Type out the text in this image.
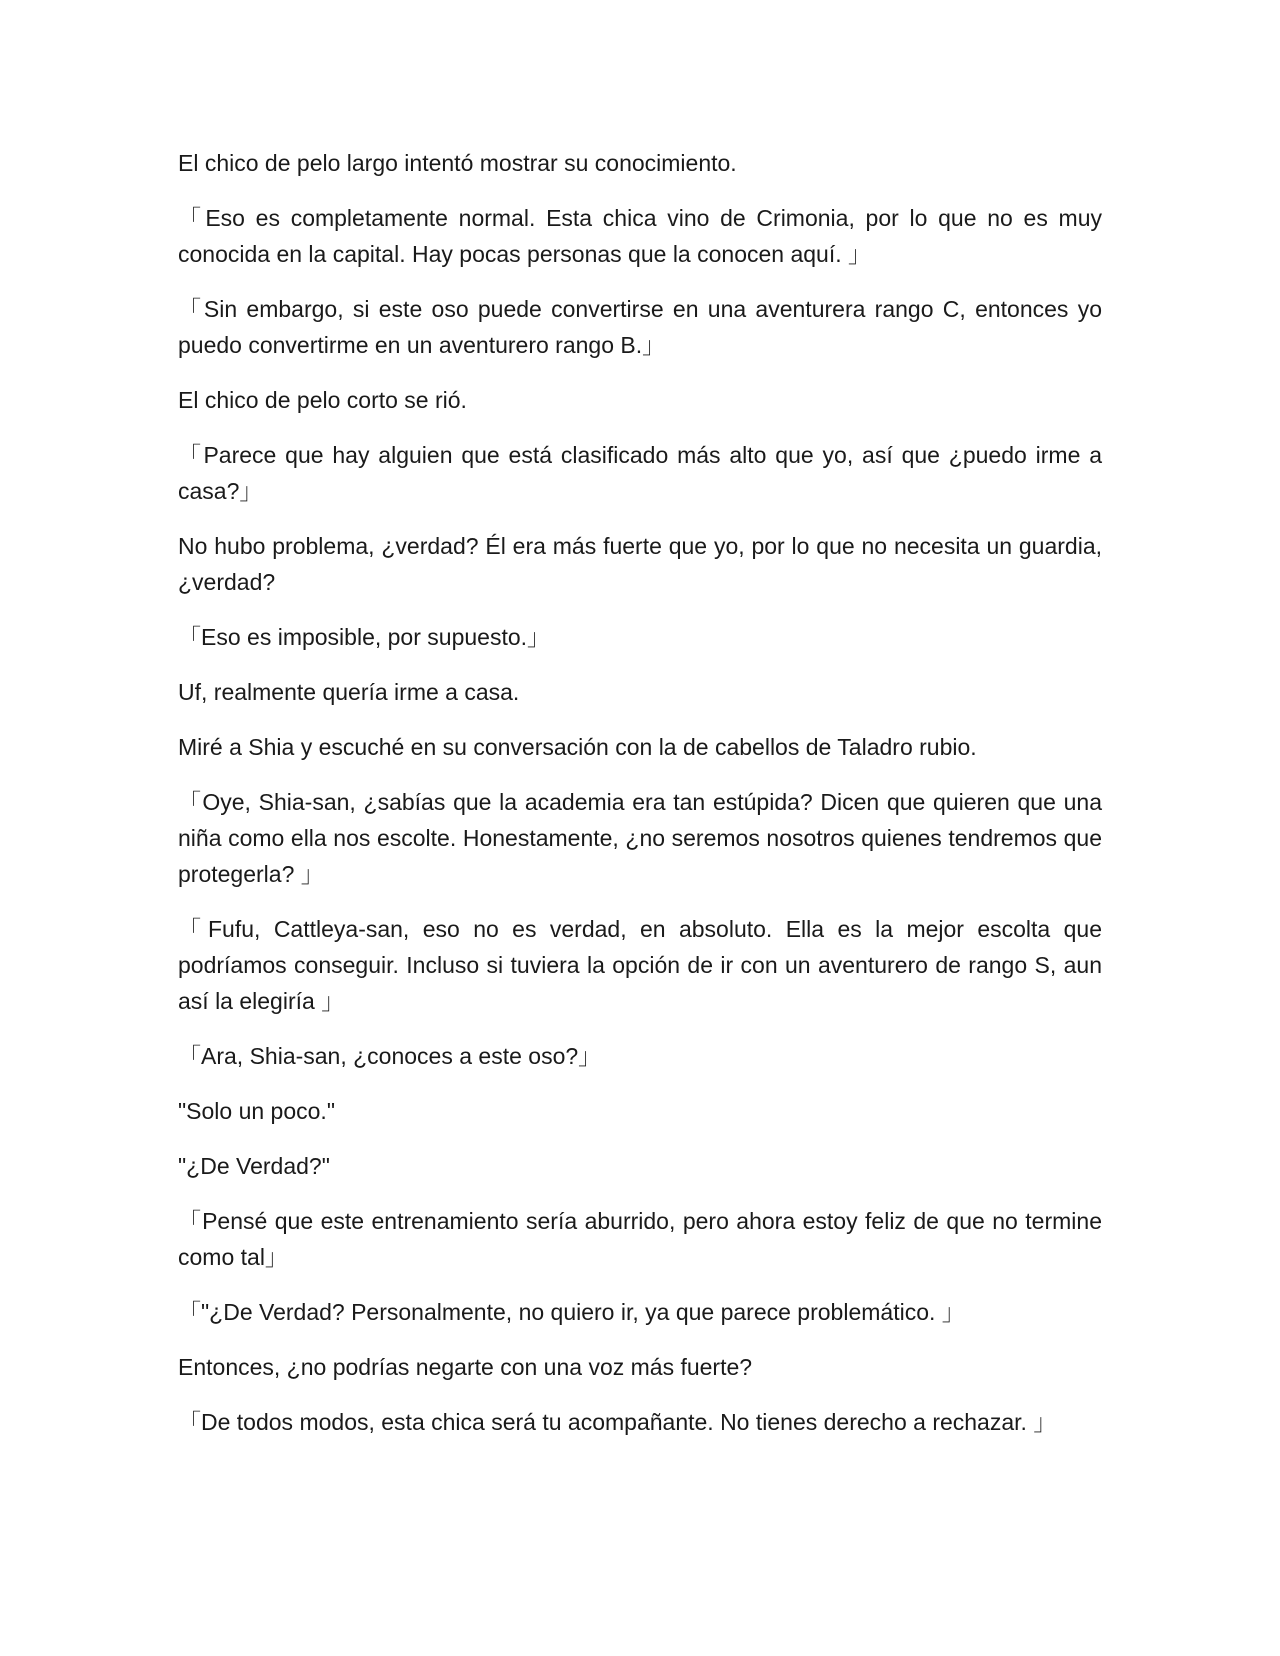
El chico de pelo largo intentó mostrar su conocimiento.

「Eso es completamente normal. Esta chica vino de Crimonia, por lo que no es muy conocida en la capital. Hay pocas personas que la conocen aquí. 」

「Sin embargo, si este oso puede convertirse en una aventurera rango C, entonces yo puedo convertirme en un aventurero rango B.」

El chico de pelo corto se rió.

「Parece que hay alguien que está clasificado más alto que yo, así que ¿puedo irme a casa?」

No hubo problema, ¿verdad? Él era más fuerte que yo, por lo que no necesita un guardia, ¿verdad?

「Eso es imposible, por supuesto.」

Uf, realmente quería irme a casa.

Miré a Shia y escuché en su conversación con la de cabellos de Taladro rubio.

「Oye, Shia-san, ¿sabías que la academia era tan estúpida? Dicen que quieren que una niña como ella nos escolte. Honestamente, ¿no seremos nosotros quienes tendremos que protegerla? 」

「Fufu, Cattleya-san, eso no es verdad, en absoluto. Ella es la mejor escolta que podríamos conseguir. Incluso si tuviera la opción de ir con un aventurero de rango S, aun así la elegiría 」

「Ara, Shia-san, ¿conoces a este oso?」

"Solo un poco."

"¿De Verdad?"

「Pensé que este entrenamiento sería aburrido, pero ahora estoy feliz de que no termine como tal」

「"¿De Verdad? Personalmente, no quiero ir, ya que parece problemático. 」

Entonces, ¿no podrías negarte con una voz más fuerte?

「De todos modos, esta chica será tu acompañante. No tienes derecho a rechazar. 」
